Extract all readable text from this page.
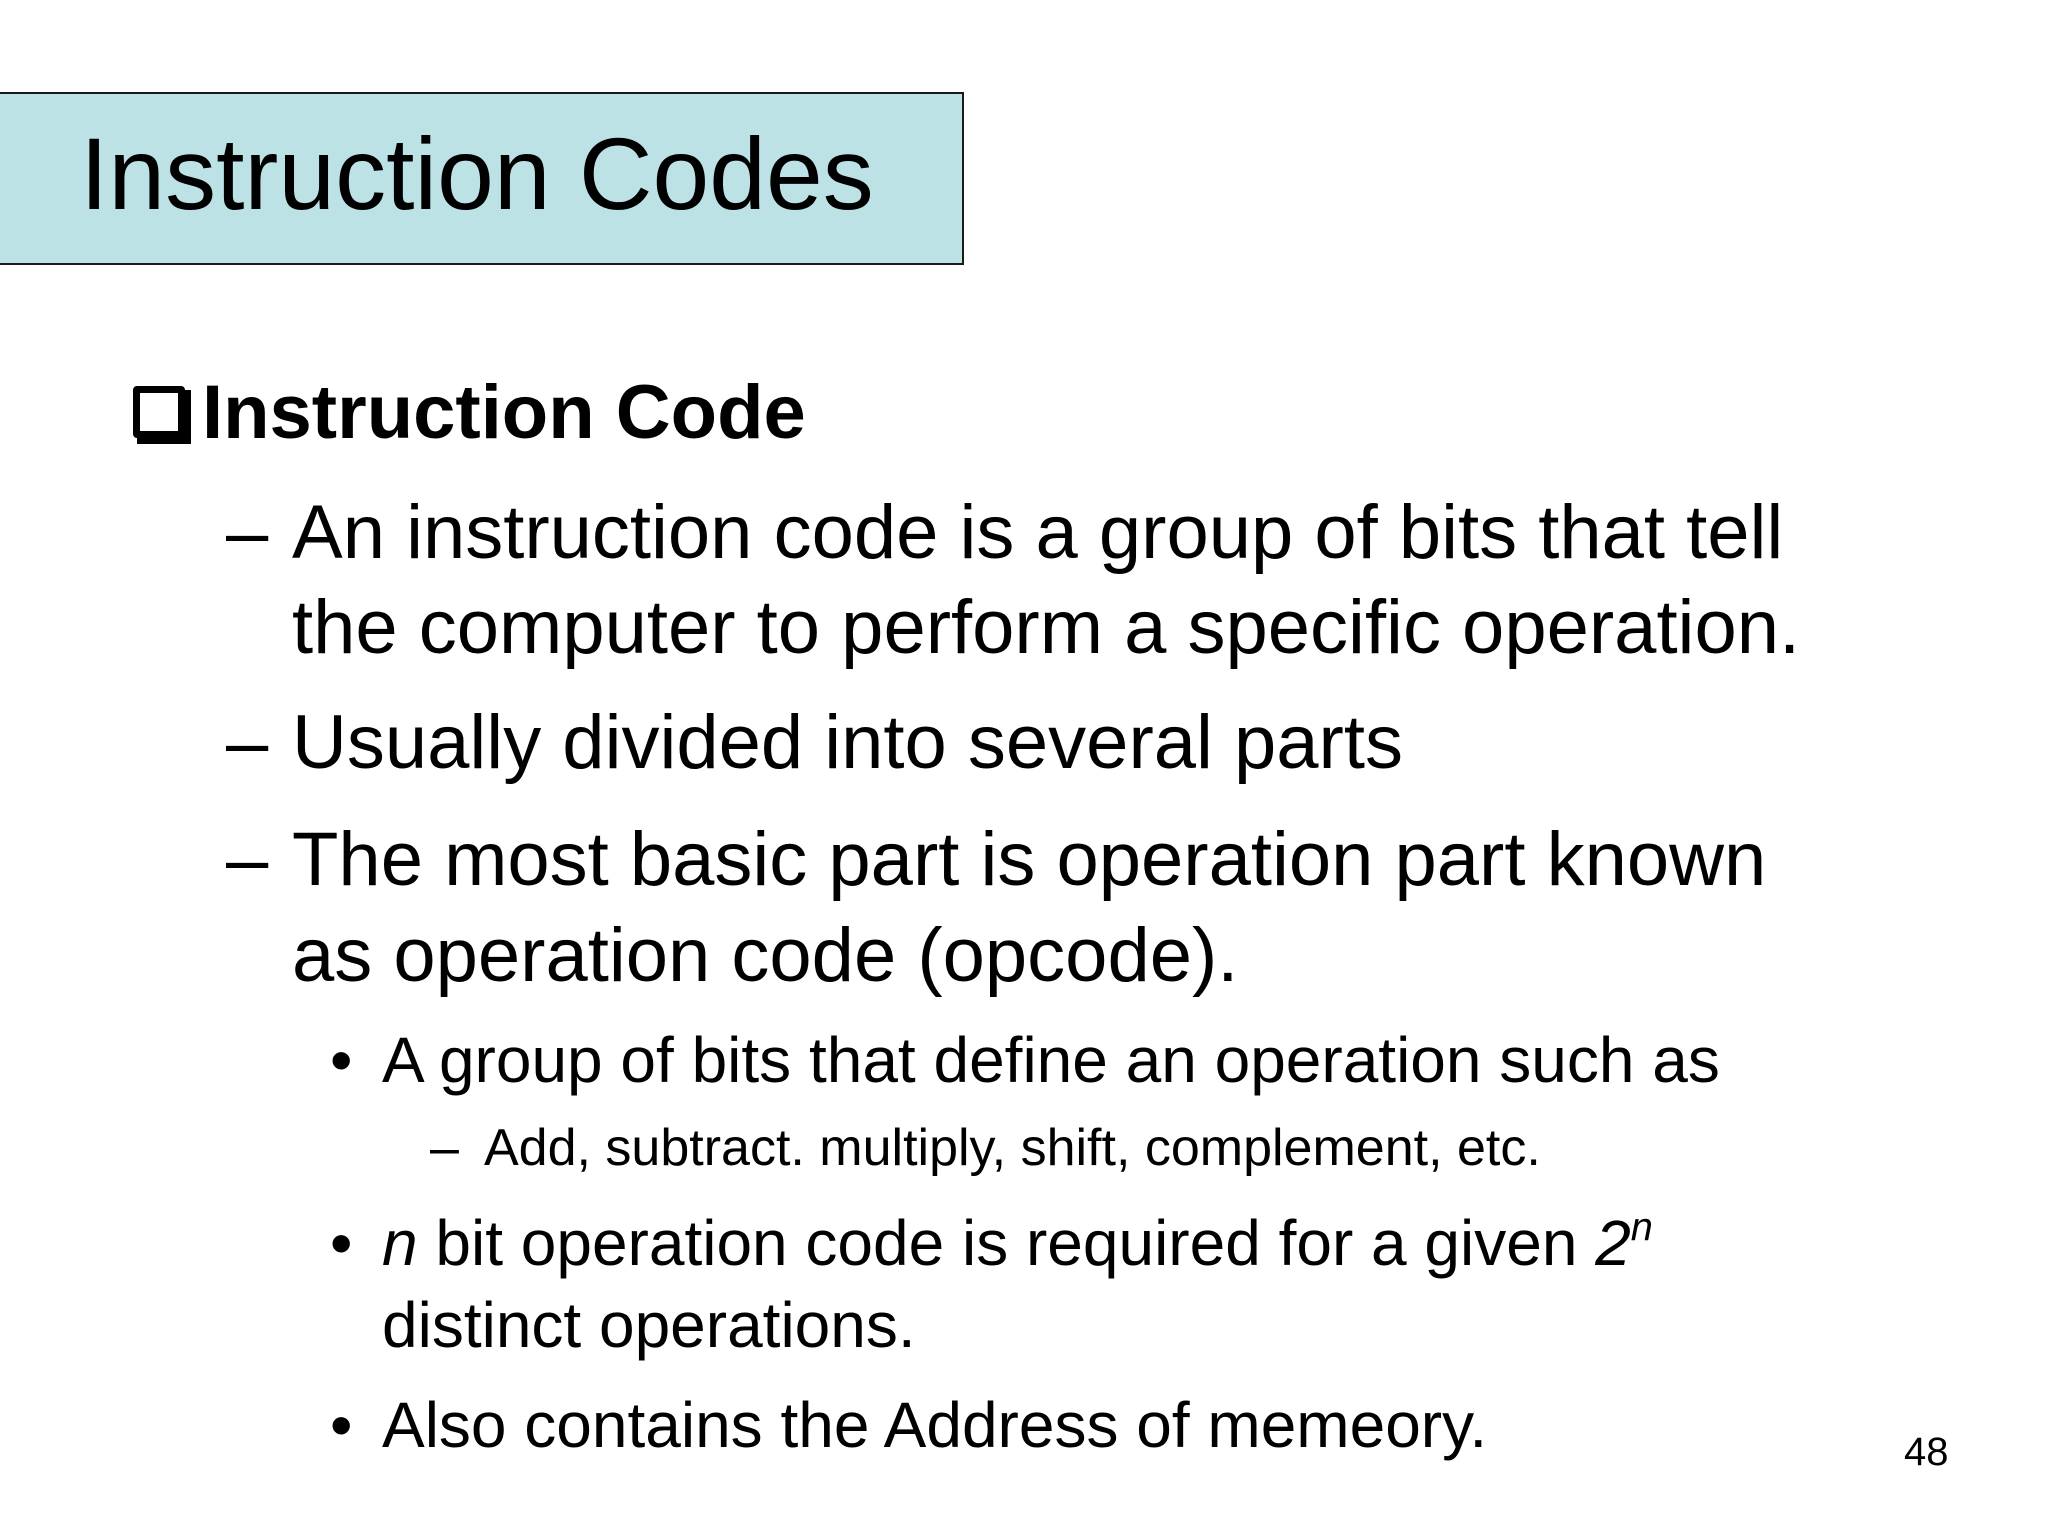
Instruction Codes
Instruction Code
– An instruction code is a group of bits that tell
the computer to perform a specific operation.
– Usually divided into several parts
– The most basic part is operation part known
as operation code (opcode).
• A group of bits that define an operation such as
– Add, subtract. multiply, shift, complement, etc.
• n bit operation code is required for a given 2$^n$
distinct operations.
• Also contains the Address of memeory.	48
